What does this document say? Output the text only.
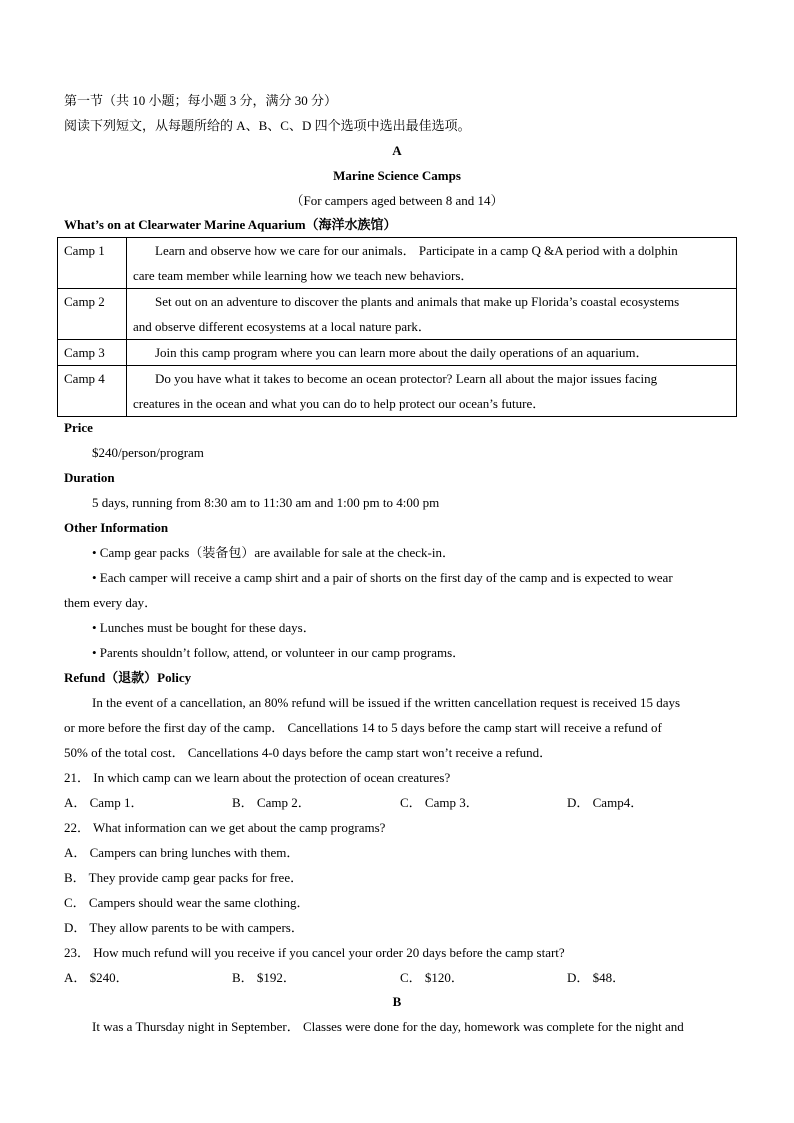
第一节（共 10 小题；每小题 3 分，满分 30 分）
阅读下列短文，从每题所给的 A、B、C、D 四个选项中选出最佳选项。
A
Marine Science Camps
（For campers aged between 8 and 14）
What’s on at Clearwater Marine Aquarium（海洋水族馆）
Camp 1	Learn and observe how we care for our animals． Participate in a camp Q &A period with a dolphin
care team member while learning how we teach new behaviors．

Camp 2	Set out on an adventure to discover the plants and animals that make up Florida’s coastal ecosystems
and observe different ecosystems at a local nature park．

Camp 3	Join this camp program where you can learn more about the daily operations of an aquarium．

Camp 4	Do you have what it takes to become an ocean protector? Learn all about the major issues facing
creatures in the ocean and what you can do to help protect our ocean’s future．
Price
$240/person/program
Duration
5 days, running from 8:30 am to 11:30 am and 1:00 pm to 4:00 pm
Other Information
• Camp gear packs（装备包）are available for sale at the check-in．
• Each camper will receive a camp shirt and a pair of shorts on the first day of the camp and is expected to wear
them every day．
• Lunches must be bought for these days．
• Parents shouldn’t follow, attend, or volunteer in our camp programs．
Refund（退款）Policy
In the event of a cancellation, an 80% refund will be issued if the written cancellation request is received 15 days
or more before the first day of the camp． Cancellations 14 to 5 days before the camp start will receive a refund of
50% of the total cost． Cancellations 4-0 days before the camp start won’t receive a refund．
21． In which camp can we learn about the protection of ocean creatures?
A． Camp 1．	B． Camp 2．	C． Camp 3．	D． Camp4．
22． What information can we get about the camp programs?
A． Campers can bring lunches with them．
B． They provide camp gear packs for free．
C． Campers should wear the same clothing．
D． They allow parents to be with campers．
23． How much refund will you receive if you cancel your order 20 days before the camp start?
A． $240．	B． $192．	C． $120．	D． $48．
B
It was a Thursday night in September． Classes were done for the day, homework was complete for the night and
